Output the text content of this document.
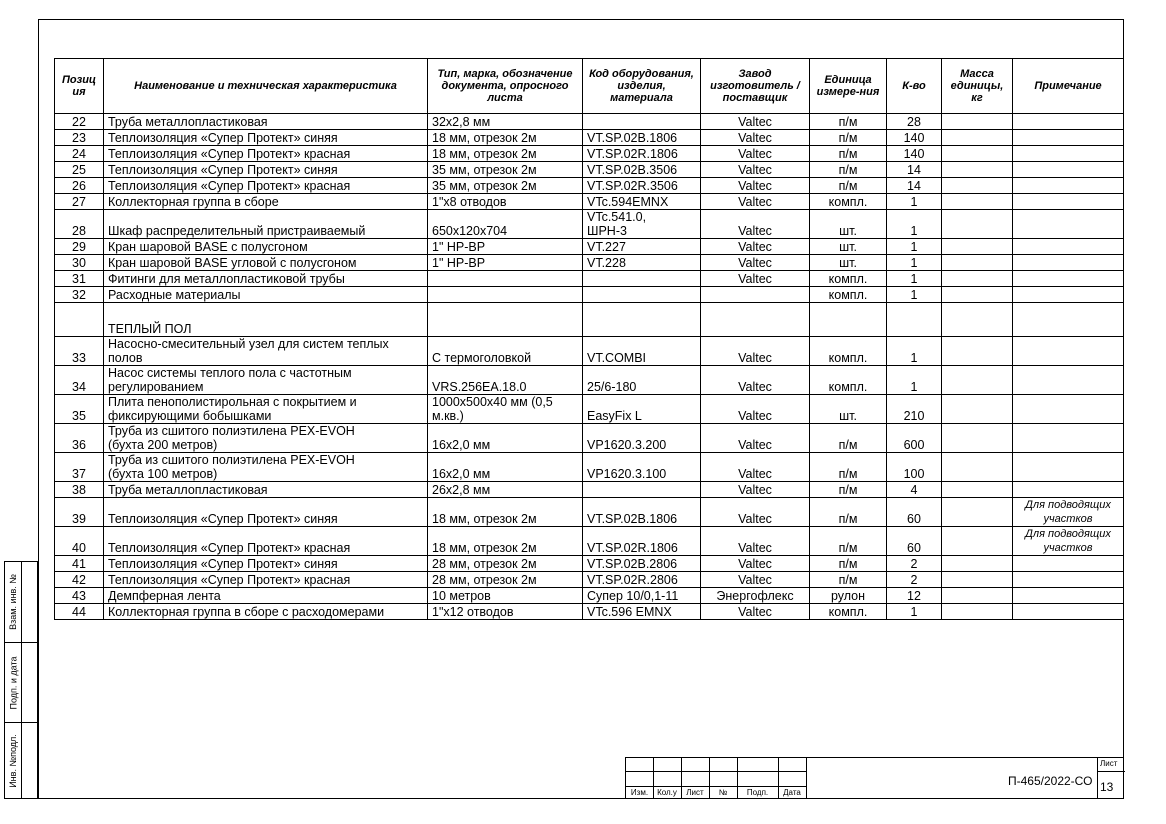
Позиц ия	Наименование и техническая характеристика	Тип, марка, обозначение документа, опросного листа	Код оборудования, изделия, материала	Завод изготовитель / поставщик	Единица измере-ния	К-во	Масса единицы, кг	Примечание
22	Труба металлопластиковая	32х2,8 мм		Valtec	п/м	28		
23	Теплоизоляция «Супер Протект» синяя	18 мм, отрезок 2м	VT.SP.02B.1806	Valtec	п/м	140		
24	Теплоизоляция «Супер Протект» красная	18 мм, отрезок 2м	VT.SP.02R.1806	Valtec	п/м	140		
25	Теплоизоляция «Супер Протект» синяя	35 мм, отрезок 2м	VT.SP.02B.3506	Valtec	п/м	14		
26	Теплоизоляция «Супер Протект» красная	35 мм, отрезок 2м	VT.SP.02R.3506	Valtec	п/м	14		
27	Коллекторная группа в сборе	1"х8 отводов	VTc.594EMNX	Valtec	компл.	1		
28	Шкаф распределительный пристраиваемый	650х120х704	VTc.541.0,
ШРН-3	Valtec	шт.	1		
29	Кран шаровой BASE с полусгоном	1" НР-ВР	VT.227	Valtec	шт.	1		
30	Кран шаровой BASE угловой с полусгоном	1" НР-ВР	VT.228	Valtec	шт.	1		
31	Фитинги для металлопластиковой трубы			Valtec	компл.	1		
32	Расходные материалы				компл.	1		
	ТЕПЛЫЙ ПОЛ							
33	Насосно-смесительный узел для систем теплых
полов	С термоголовкой	VT.COMBI	Valtec	компл.	1		
34	Насос системы теплого пола с частотным
регулированием	VRS.256EA.18.0	25/6-180	Valtec	компл.	1		
35	Плита пенополистирольная с покрытием и
фиксирующими бобышками	1000х500х40 мм (0,5
м.кв.)	EasyFix L	Valtec	шт.	210		
36	Труба из сшитого полиэтилена PEX-EVOH
(бухта 200 метров)	16х2,0 мм	VP1620.3.200	Valtec	п/м	600		
37	Труба из сшитого полиэтилена PEX-EVOH
(бухта 100 метров)	16х2,0 мм	VP1620.3.100	Valtec	п/м	100		
38	Труба металлопластиковая	26х2,8 мм		Valtec	п/м	4		
39	Теплоизоляция «Супер Протект» синяя	18 мм, отрезок 2м	VT.SP.02B.1806	Valtec	п/м	60		Для подводящих
участков
40	Теплоизоляция «Супер Протект» красная	18 мм, отрезок 2м	VT.SP.02R.1806	Valtec	п/м	60		Для подводящих
участков
41	Теплоизоляция «Супер Протект» синяя	28 мм, отрезок 2м	VT.SP.02B.2806	Valtec	п/м	2		
42	Теплоизоляция «Супер Протект» красная	28 мм, отрезок 2м	VT.SP.02R.2806	Valtec	п/м	2		
43	Демпферная лента	10 метров	Супер 10/0,1-11	Энергофлекс	рулон	12		
44	Коллекторная группа в сборе с расходомерами	1"х12 отводов	VTc.596 EMNX	Valtec	компл.	1		
Взам. инв. №
Подп. и дата
Инв. №подл.
Изм.	Кол.у	Лист	№	Подп.	Дата
П-465/2022-СО
Лист
13
